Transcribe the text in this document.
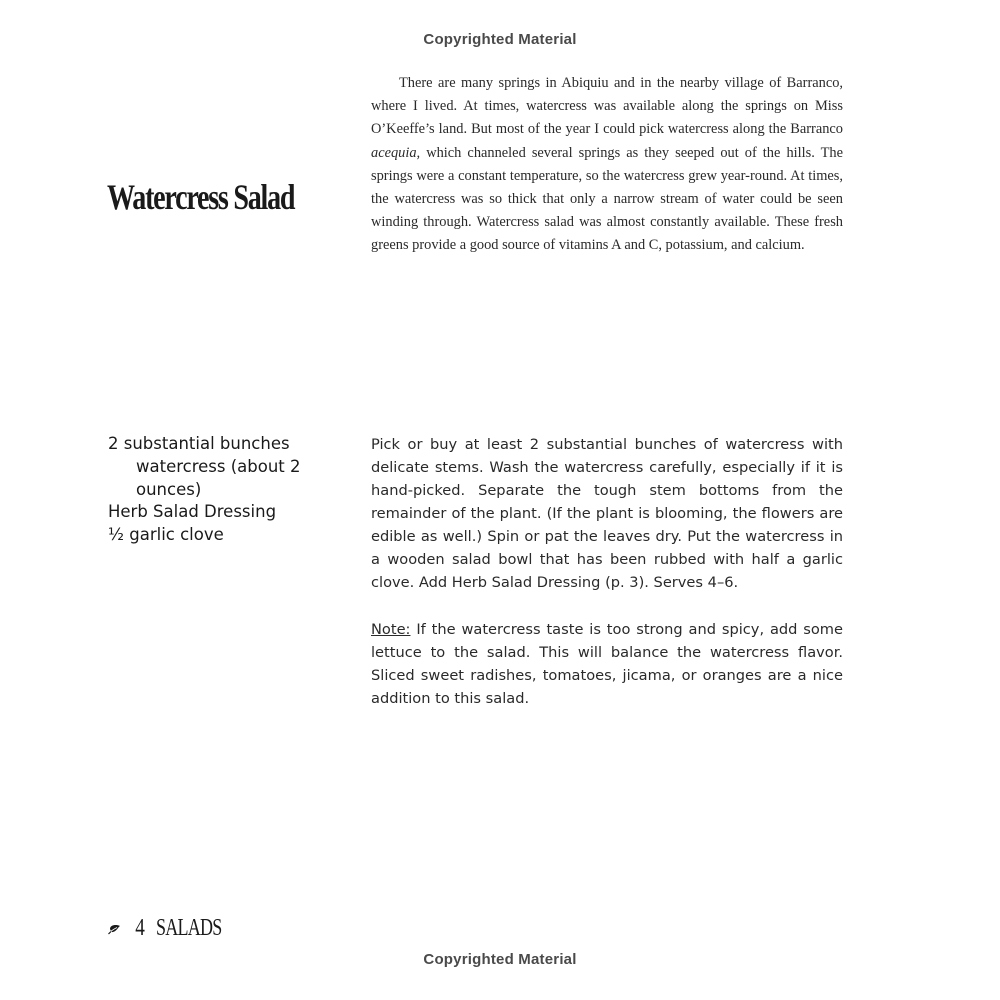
Copyrighted Material
Watercress Salad

There are many springs in Abiquiu and in the nearby village of Barranco, where I lived. At times, watercress was available along the springs on Miss O’Keeffe’s land. But most of the year I could pick watercress along the Barranco acequia, which channeled several springs as they seeped out of the hills. The springs were a constant temperature, so the watercress grew year-round. At times, the watercress was so thick that only a narrow stream of water could be seen winding through. Watercress salad was almost constantly available. These fresh greens provide a good source of vitamins A and C, potassium, and calcium.

2 substantial bunches watercress (about 2 ounces)
Herb Salad Dressing
½ garlic clove

Pick or buy at least 2 substantial bunches of watercress with delicate stems. Wash the watercress carefully, especially if it is hand-picked. Separate the tough stem bottoms from the remainder of the plant. (If the plant is blooming, the flowers are edible as well.) Spin or pat the leaves dry. Put the watercress in a wooden salad bowl that has been rubbed with half a garlic clove. Add Herb Salad Dressing (p. 3). Serves 4–6.

Note: If the watercress taste is too strong and spicy, add some lettuce to the salad. This will balance the watercress flavor. Sliced sweet radishes, tomatoes, jicama, or oranges are a nice addition to this salad.

4 SALADS
Copyrighted Material
